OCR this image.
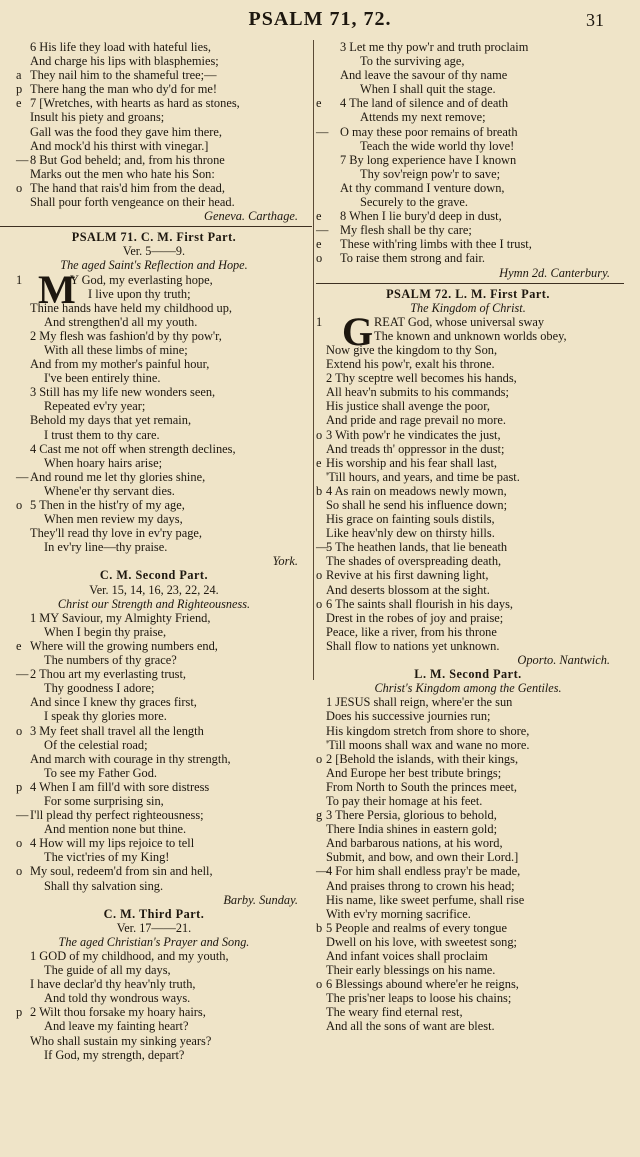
PSALM 71, 72.	31
6 His life they load with hateful lies,
And charge his lips with blasphemies;
a They nail him to the shameful tree;—
p There hang the man who dy'd for me!
e 7 [Wretches, with hearts as hard as stones,
Insult his piety and groans;
Gall was the food they gave him there,
And mock'd his thirst with vinegar.]
— 8 But God beheld; and, from his throne
Marks out the men who hate his Son:
o The hand that rais'd him from the dead,
Shall pour forth vengeance on their head.
Geneva. Carthage.
PSALM 71. C. M. First Part.
Ver. 5——9.
The aged Saint's Reflection and Hope.
1 M
Y God, my everlasting hope,
I live upon thy truth;
Thine hands have held my childhood up,
And strengthen'd all my youth.
2 My flesh was fashion'd by thy pow'r,
With all these limbs of mine;
And from my mother's painful hour,
I've been entirely thine.
3 Still has my life new wonders seen,
Repeated ev'ry year;
Behold my days that yet remain,
I trust them to thy care.
4 Cast me not off when strength declines,
When hoary hairs arise;
— And round me let thy glories shine,
Whene'er thy servant dies.
o 5 Then in the hist'ry of my age,
When men review my days,
They'll read thy love in ev'ry page,
In ev'ry line—thy praise.
York.
C. M. Second Part.
Ver. 15, 14, 16, 23, 22, 24.
Christ our Strength and Righteousness.
1 MY Saviour, my Almighty Friend,
When I begin thy praise,
e Where will the growing numbers end,
The numbers of thy grace?
— 2 Thou art my everlasting trust,
Thy goodness I adore;
And since I knew thy graces first,
I speak thy glories more.
o 3 My feet shall travel all the length
Of the celestial road;
And march with courage in thy strength,
To see my Father God.
p 4 When I am fill'd with sore distress
For some surprising sin,
— I'll plead thy perfect righteousness;
And mention none but thine.
o 4 How will my lips rejoice to tell
The vict'ries of my King!
o My soul, redeem'd from sin and hell,
Shall thy salvation sing.
Barby. Sunday.
C. M. Third Part.
Ver. 17——21.
The aged Christian's Prayer and Song.
1 GOD of my childhood, and my youth,
The guide of all my days,
I have declar'd thy heav'nly truth,
And told thy wondrous ways.
p 2 Wilt thou forsake my hoary hairs,
And leave my fainting heart?
Who shall sustain my sinking years?
If God, my strength, depart?
3 Let me thy pow'r and truth proclaim
To the surviving age,
And leave the savour of thy name
When I shall quit the stage.
e	4 The land of silence and of death
Attends my next remove;
— O may these poor remains of breath
Teach the wide world thy love!
7 By long experience have I known
Thy sov'reign pow'r to save;
At thy command I venture down,
Securely to the grave.
e	8 When I lie bury'd deep in dust,
— My flesh shall be thy care;
e	These with'ring limbs with thee I trust,
o	To raise them strong and fair.
Hymn 2d. Canterbury.
PSALM 72. L. M. First Part.
The Kingdom of Christ.
1 G REAT God, whose universal sway
The known and unknown worlds obey,
Now give the kingdom to thy Son,
Extend his pow'r, exalt his throne.
2 Thy sceptre well becomes his hands,
All heav'n submits to his commands;
His justice shall avenge the poor,
And pride and rage prevail no more.
o 3 With pow'r he vindicates the just,
And treads th' oppressor in the dust;
e His worship and his fear shall last,
'Till hours, and years, and time be past.
b 4 As rain on meadows newly mown,
So shall he send his influence down;
His grace on fainting souls distils,
Like heav'nly dew on thirsty hills.
—
5 The heathen lands, that lie beneath
The shades of overspreading death,
o Revive at his first dawning light,
And deserts blossom at the sight.
o 6 The saints shall flourish in his days,
Drest in the robes of joy and praise;
Peace, like a river, from his throne
Shall flow to nations yet unknown.
Oporto. Nantwich.
L. M. Second Part.
Christ's Kingdom among the Gentiles.
1 JESUS shall reign, where'er the sun
Does his successive journies run;
His kingdom stretch from shore to shore,
'Till moons shall wax and wane no more.
o 2 [Behold the islands, with their kings,
And Europe her best tribute brings;
From North to South the princes meet,
To pay their homage at his feet.
g 3 There Persia, glorious to behold,
There India shines in eastern gold;
And barbarous nations, at his word,
Submit, and bow, and own their Lord.]
—
4 For him shall endless pray'r be made,
And praises throng to crown his head;
His name, like sweet perfume, shall rise
With ev'ry morning sacrifice.
b 5 People and realms of every tongue
Dwell on his love, with sweetest song;
And infant voices shall proclaim
Their early blessings on his name.
o 6 Blessings abound where'er he reigns,
The pris'ner leaps to loose his chains;
The weary find eternal rest,
And all the sons of want are blest.
